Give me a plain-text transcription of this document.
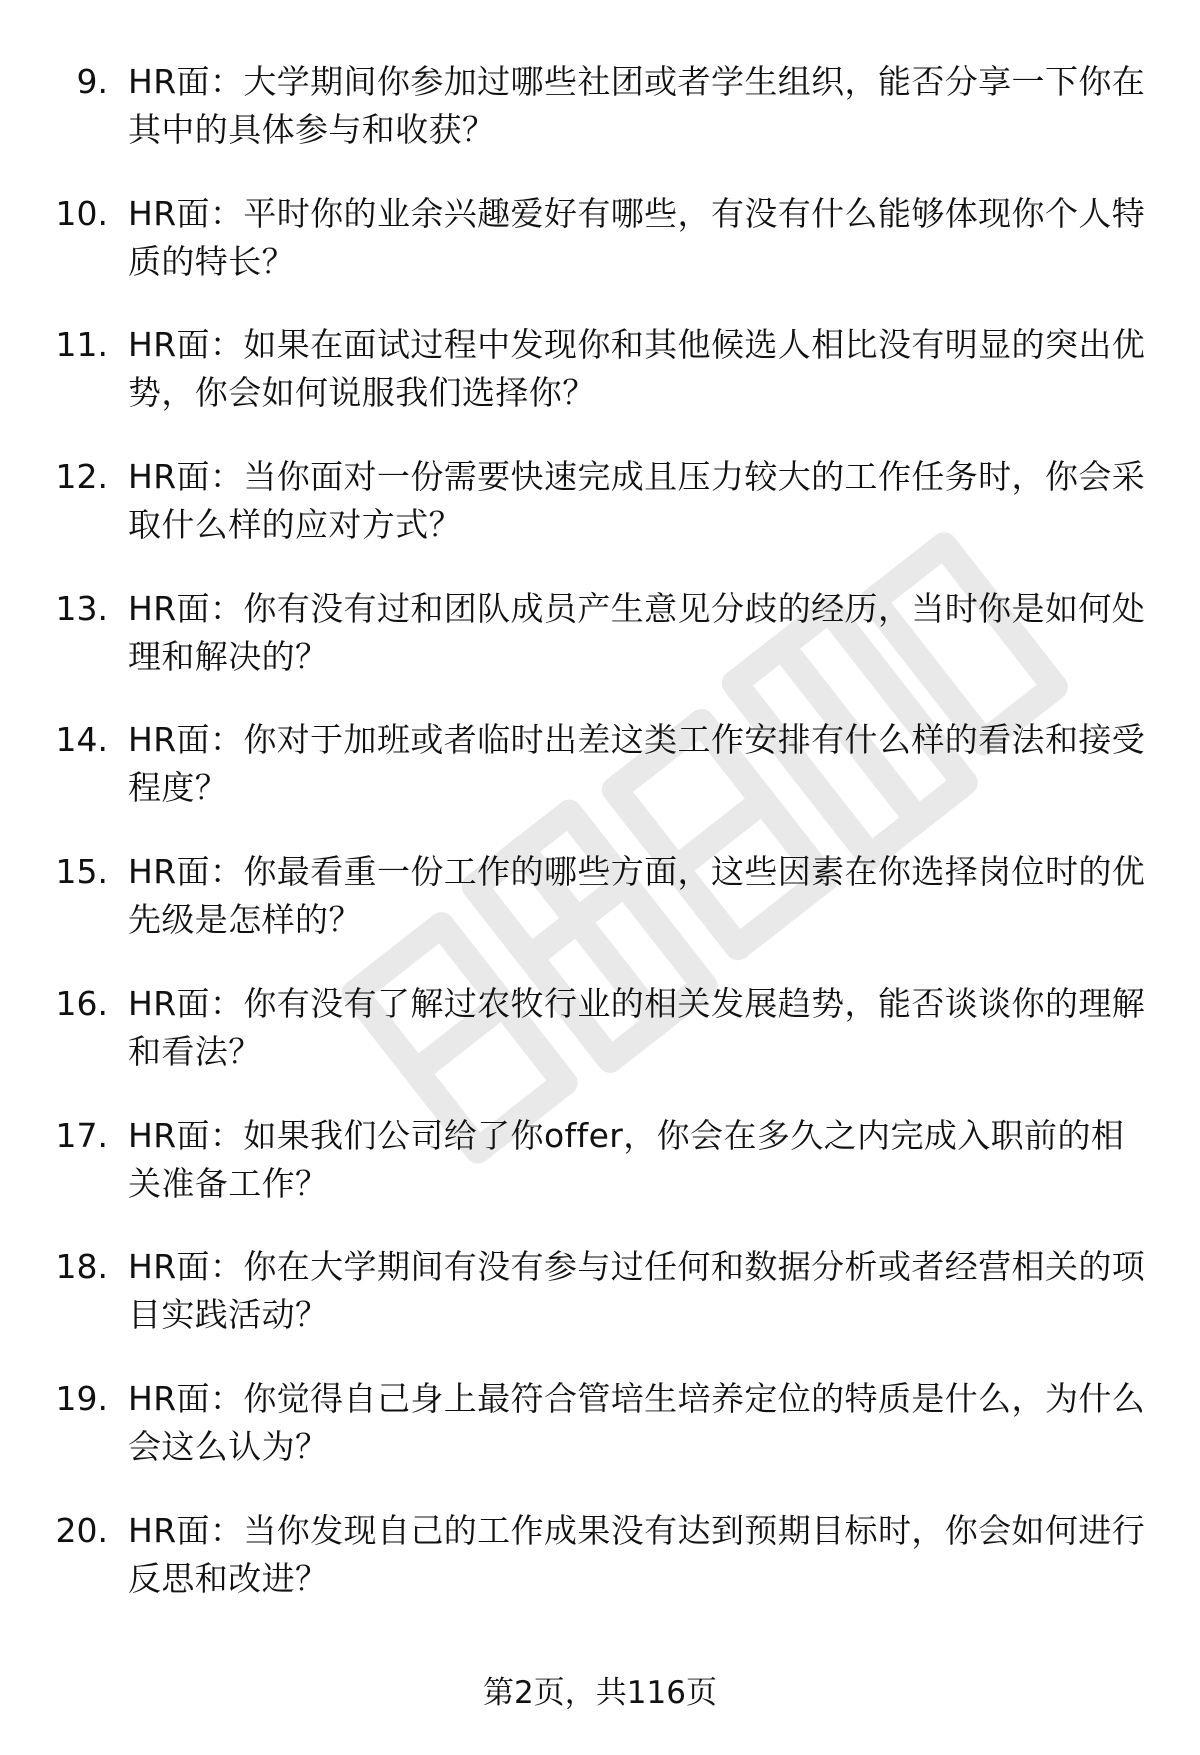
9. HR面：大学期间你参加过哪些社团或者学生组织，能否分享一下你在其中的具体参与和收获？
10. HR面：平时你的业余兴趣爱好有哪些，有没有什么能够体现你个人特质的特长？
11. HR面：如果在面试过程中发现你和其他候选人相比没有明显的突出优势，你会如何说服我们选择你？
12. HR面：当你面对一份需要快速完成且压力较大的工作任务时，你会采取什么样的应对方式？
13. HR面：你有没有过和团队成员产生意见分歧的经历，当时你是如何处理和解决的？
14. HR面：你对于加班或者临时出差这类工作安排有什么样的看法和接受程度？
15. HR面：你最看重一份工作的哪些方面，这些因素在你选择岗位时的优先级是怎样的？
16. HR面：你有没有了解过农牧行业的相关发展趋势，能否谈谈你的理解和看法？
17. HR面：如果我们公司给了你offer，你会在多久之内完成入职前的相关准备工作？
18. HR面：你在大学期间有没有参与过任何和数据分析或者经营相关的项目实践活动？
19. HR面：你觉得自己身上最符合管培生培养定位的特质是什么，为什么会这么认为？
20. HR面：当你发现自己的工作成果没有达到预期目标时，你会如何进行反思和改进？
第2页，共116页
